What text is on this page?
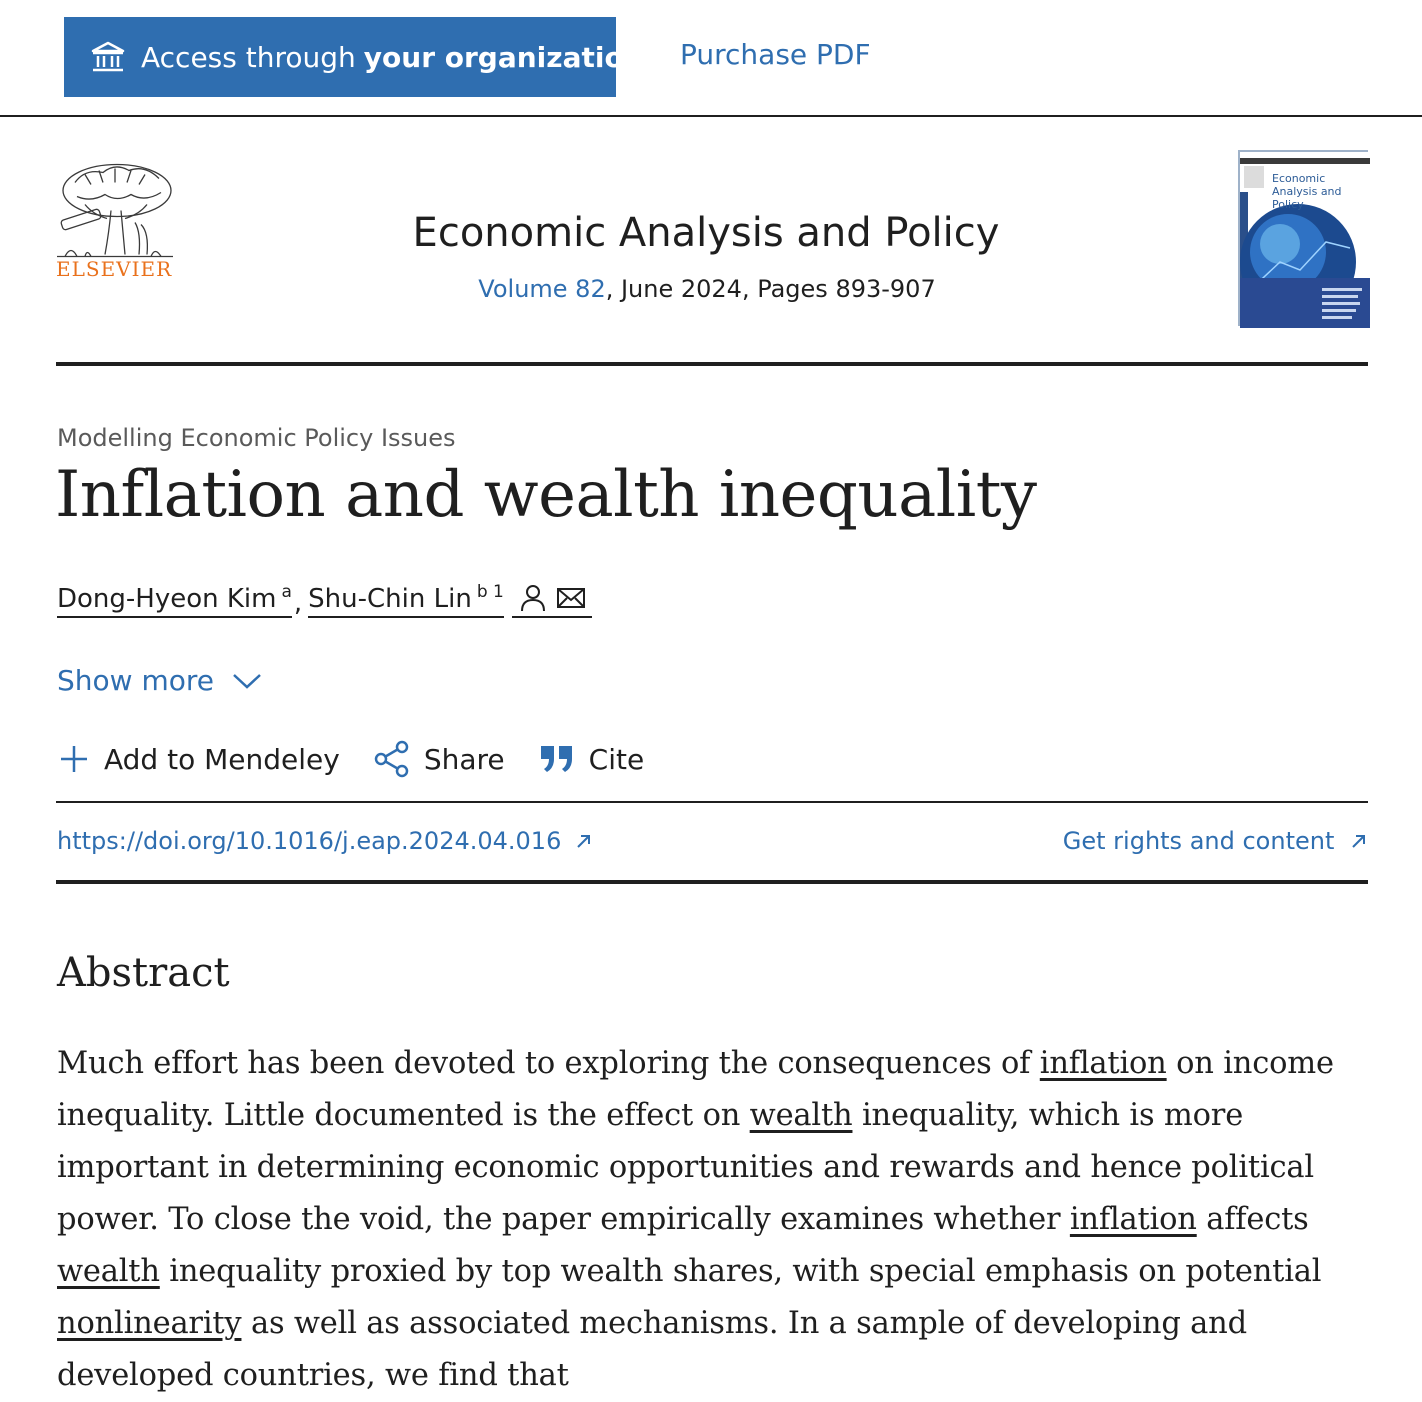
Access through your organization Purchase PDF
ELSEVIER
Economic Analysis and Policy
Volume 82, June 2024, Pages 893-907
Economic Analysis and Policy
Modelling Economic Policy Issues
Inflation and wealth inequality
Dong-Hyeon Kim $^a$ , Shu-Chin Lin $^{b 1}$
Show more
Add to Mendeley	Share	Cite
https://doi.org/10.1016/j.eap.2024.04.016	Get rights and content
Abstract

Much effort has been devoted to exploring the consequences of inflation on income inequality. Little documented is the effect on wealth inequality, which is more important in determining economic opportunities and rewards and hence political power. To close the void, the paper empirically examines whether inflation affects wealth inequality proxied by top wealth shares, with special emphasis on potential nonlinearity as well as associated mechanisms. In a sample of developing and developed countries, we find that
